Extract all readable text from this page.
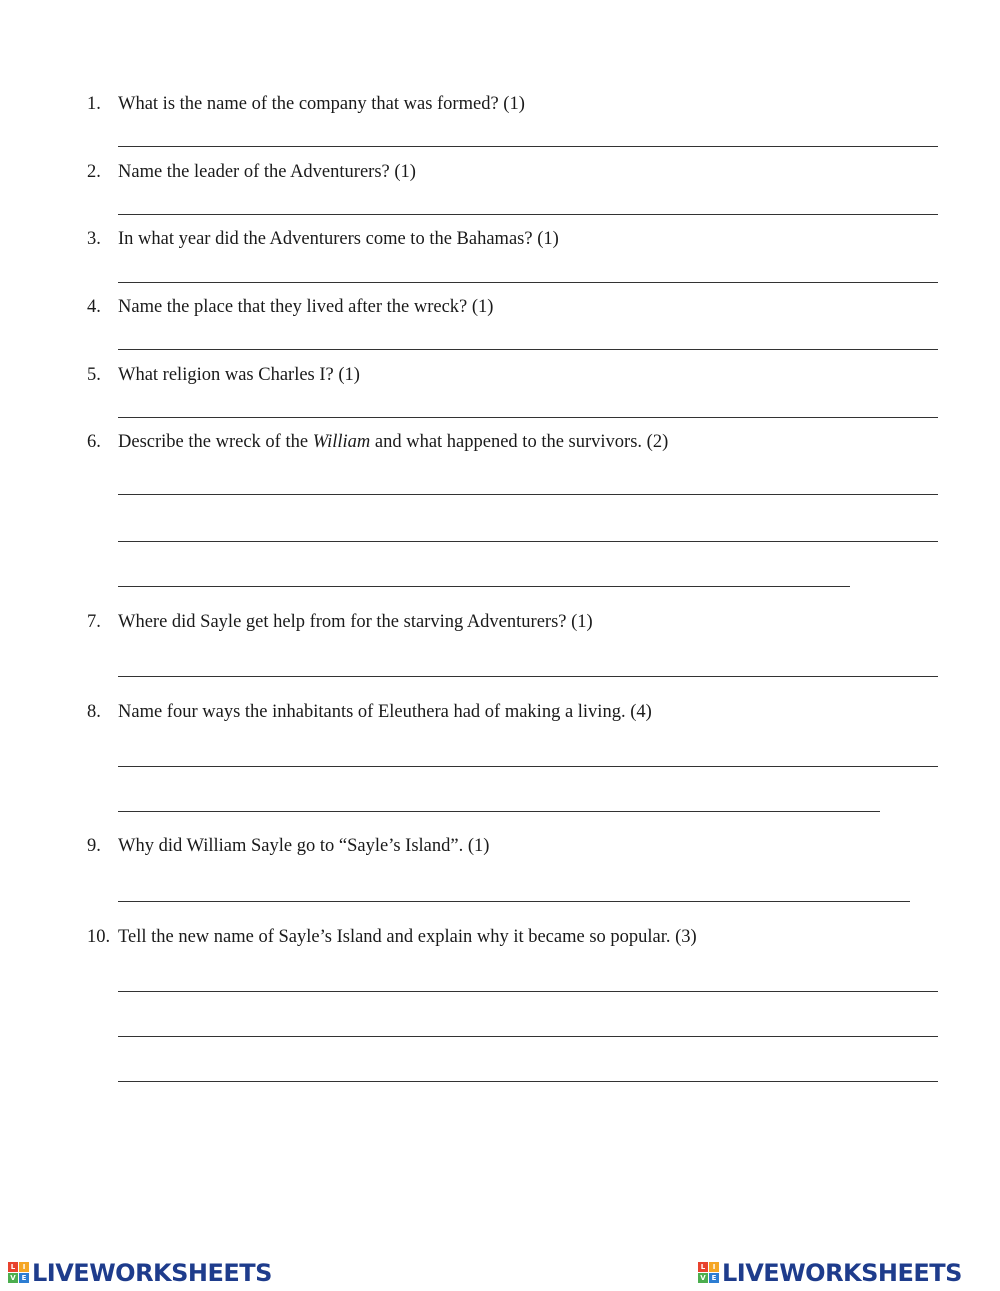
1. What is the name of the company that was formed? (1)
2. Name the leader of the Adventurers? (1)
3. In what year did the Adventurers come to the Bahamas? (1)
4. Name the place that they lived after the wreck? (1)
5. What religion was Charles I? (1)
6. Describe the wreck of the William and what happened to the survivors. (2)
7. Where did Sayle get help from for the starving Adventurers? (1)
8. Name four ways the inhabitants of Eleuthera had of making a living. (4)
9. Why did William Sayle go to “Sayle’s Island”. (1)
10. Tell the new name of Sayle’s Island and explain why it became so popular. (3)
L	I
V E LIVEWORKSHEETS	L	I
V E LIVEWORKSHEETS
